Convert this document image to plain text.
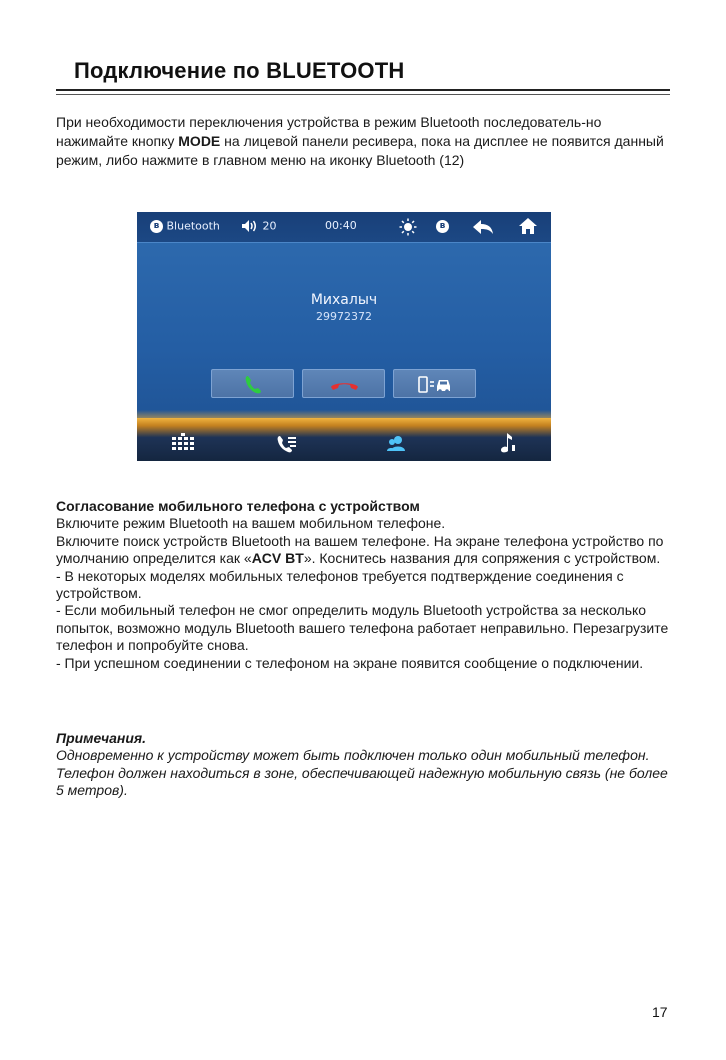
Подключение по BLUETOOTH
При необходимости переключения устройства в режим Bluetooth последователь-но нажимайте кнопку MODE на лицевой панели ресивера, пока на дисплее не появится данный режим, либо нажмите в главном меню на иконку Bluetooth (12)
ʙ Bluetooth	20	00:40	ʙ
Михалыч
29972372

Согласование мобильного телефона с устройством

Включите режим Bluetooth на вашем мобильном телефоне.

Включите поиск устройств Bluetooth на вашем телефоне. На экране телефона устройство по умолчанию определится как «ACV BT». Коснитесь названия для сопряжения с устройством.

- В некоторых моделях мобильных телефонов требуется подтверждение соединения с устройством.

- Если мобильный телефон не смог определить модуль Bluetooth устройства за несколько попыток, возможно модуль Bluetooth вашего телефона работает неправильно. Перезагрузите телефон и попробуйте снова.

- При успешном соединении с телефоном на экране появится сообщение о подключении.

Примечания.

Одновременно к устройству может быть подключен только один мобильный телефон.

Телефон должен находиться в зоне, обеспечивающей надежную мобильную связь (не более 5 метров).

17
